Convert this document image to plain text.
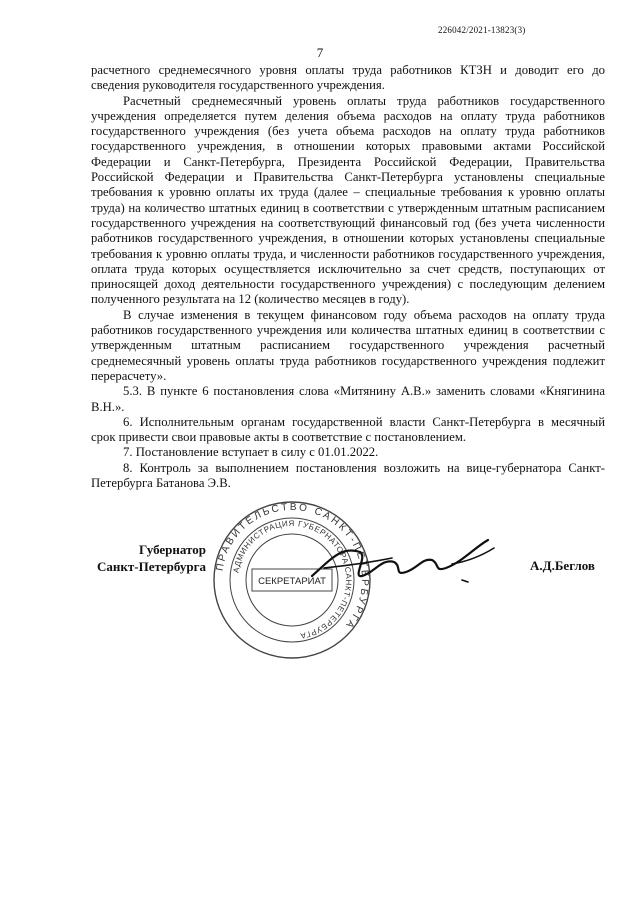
226042/2021-13823(3)
7

расчетного среднемесячного уровня оплаты труда работников КТЗН и доводит его до сведения руководителя государственного учреждения.

Расчетный среднемесячный уровень оплаты труда работников государственного учреждения определяется путем деления объема расходов на оплату труда работников государственного учреждения (без учета объема расходов на оплату труда работников государственного учреждения, в отношении которых правовыми актами Российской Федерации и Санкт-Петербурга, Президента Российской Федерации, Правительства Российской Федерации и Правительства Санкт-Петербурга установлены специальные требования к уровню оплаты их труда (далее – специальные требования к уровню оплаты труда) на количество штатных единиц в соответствии с утвержденным штатным расписанием государственного учреждения на соответствующий финансовый год (без учета численности работников государственного учреждения, в отношении которых установлены специальные требования к уровню оплаты труда, и численности работников государственного учреждения, оплата труда которых осуществляется исключительно за счет средств, поступающих от приносящей доход деятельности государственного учреждения) с последующим делением полученного результата на 12 (количество месяцев в году).

В случае изменения в текущем финансовом году объема расходов на оплату труда работников государственного учреждения или количества штатных единиц в соответствии с утвержденным штатным расписанием государственного учреждения расчетный среднемесячный уровень оплаты труда работников государственного учреждения подлежит перерасчету».

5.3. В пункте 6 постановления слова «Митянину А.В.» заменить словами «Княгинина В.Н.».

6. Исполнительным органам государственной власти Санкт-Петербурга в месячный срок привести свои правовые акты в соответствие с постановлением.

7. Постановление вступает в силу с 01.01.2022.

8. Контроль за выполнением постановления возложить на вице-губернатора Санкт-Петербурга Батанова Э.В.

Губернатор
Санкт-Петербурга ПРАВИТЕЛЬСТВО САНКТ-ПЕТЕРБУРГА
АДМИНИСТРАЦИЯ ГУБЕРНАТОРА САНКТ-ПЕТЕРБУРГА
СЕКРЕТАРИАТ
А.Д.Беглов
